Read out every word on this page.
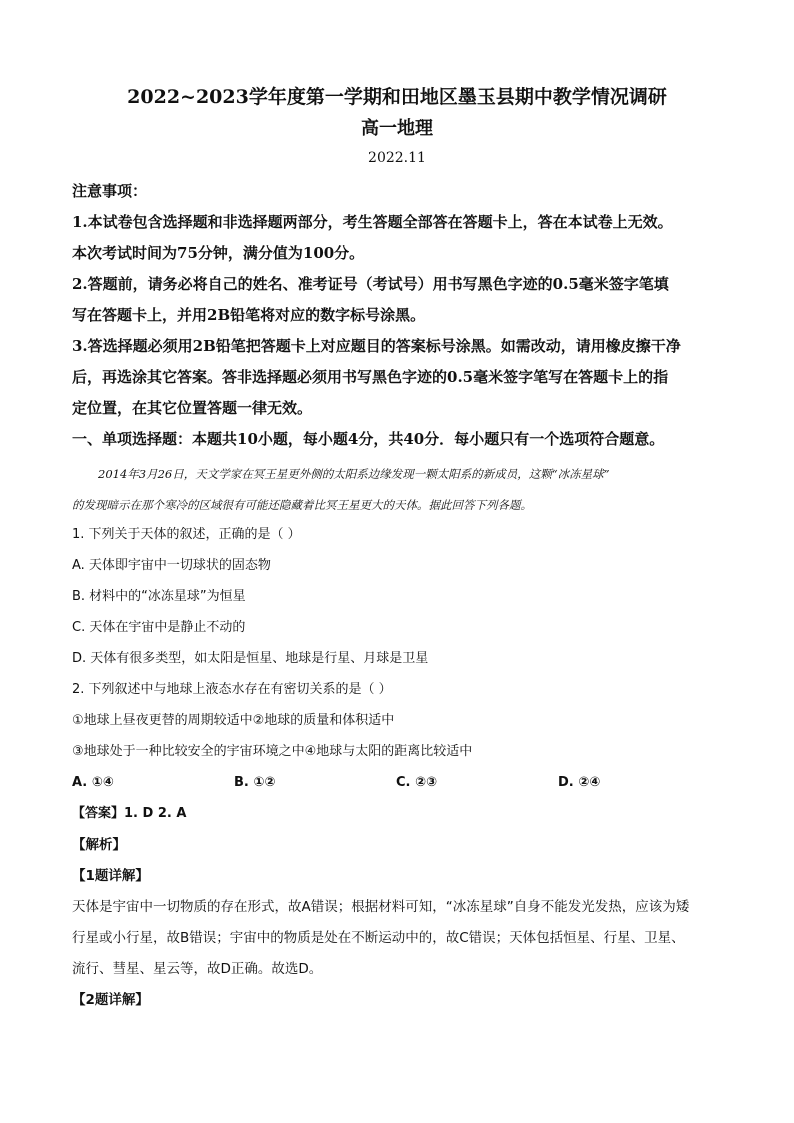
2022~2023学年度第一学期和田地区墨玉县期中教学情况调研
高一地理
2022.11
注意事项：
1.本试卷包含选择题和非选择题两部分，考生答题全部答在答题卡上，答在本试卷上无效。
本次考试时间为75分钟，满分值为100分。
2.答题前，请务必将自己的姓名、准考证号（考试号）用书写黑色字迹的0.5毫米签字笔填
写在答题卡上，并用2B铅笔将对应的数字标号涂黑。
3.答选择题必须用2B铅笔把答题卡上对应题目的答案标号涂黑。如需改动，请用橡皮擦干净
后，再选涂其它答案。答非选择题必须用书写黑色字迹的0.5毫米签字笔写在答题卡上的指
定位置，在其它位置答题一律无效。
一、单项选择题：本题共10小题，每小题4分，共40分．每小题只有一个选项符合题意。
2014年3月26日，天文学家在冥王星更外侧的太阳系边缘发现一颗太阳系的新成员，这颗“冰冻星球”
的发现暗示在那个寒冷的区域很有可能还隐藏着比冥王星更大的天体。据此回答下列各题。
1. 下列关于天体的叙述，正确的是（ ）
A. 天体即宇宙中一切球状的固态物
B. 材料中的“冰冻星球”为恒星
C. 天体在宇宙中是静止不动的
D. 天体有很多类型，如太阳是恒星、地球是行星、月球是卫星
2. 下列叙述中与地球上液态水存在有密切关系的是（ ）
①地球上昼夜更替的周期较适中②地球的质量和体积适中
③地球处于一种比较安全的宇宙环境之中④地球与太阳的距离比较适中
A. ①④	B. ①②	C. ②③	D. ②④
【答案】1. D 2. A
【解析】
【1题详解】
天体是宇宙中一切物质的存在形式，故A错误；根据材料可知，“冰冻星球”自身不能发光发热，应该为矮
行星或小行星，故B错误；宇宙中的物质是处在不断运动中的，故C错误；天体包括恒星、行星、卫星、
流行、彗星、星云等，故D正确。故选D。
【2题详解】
